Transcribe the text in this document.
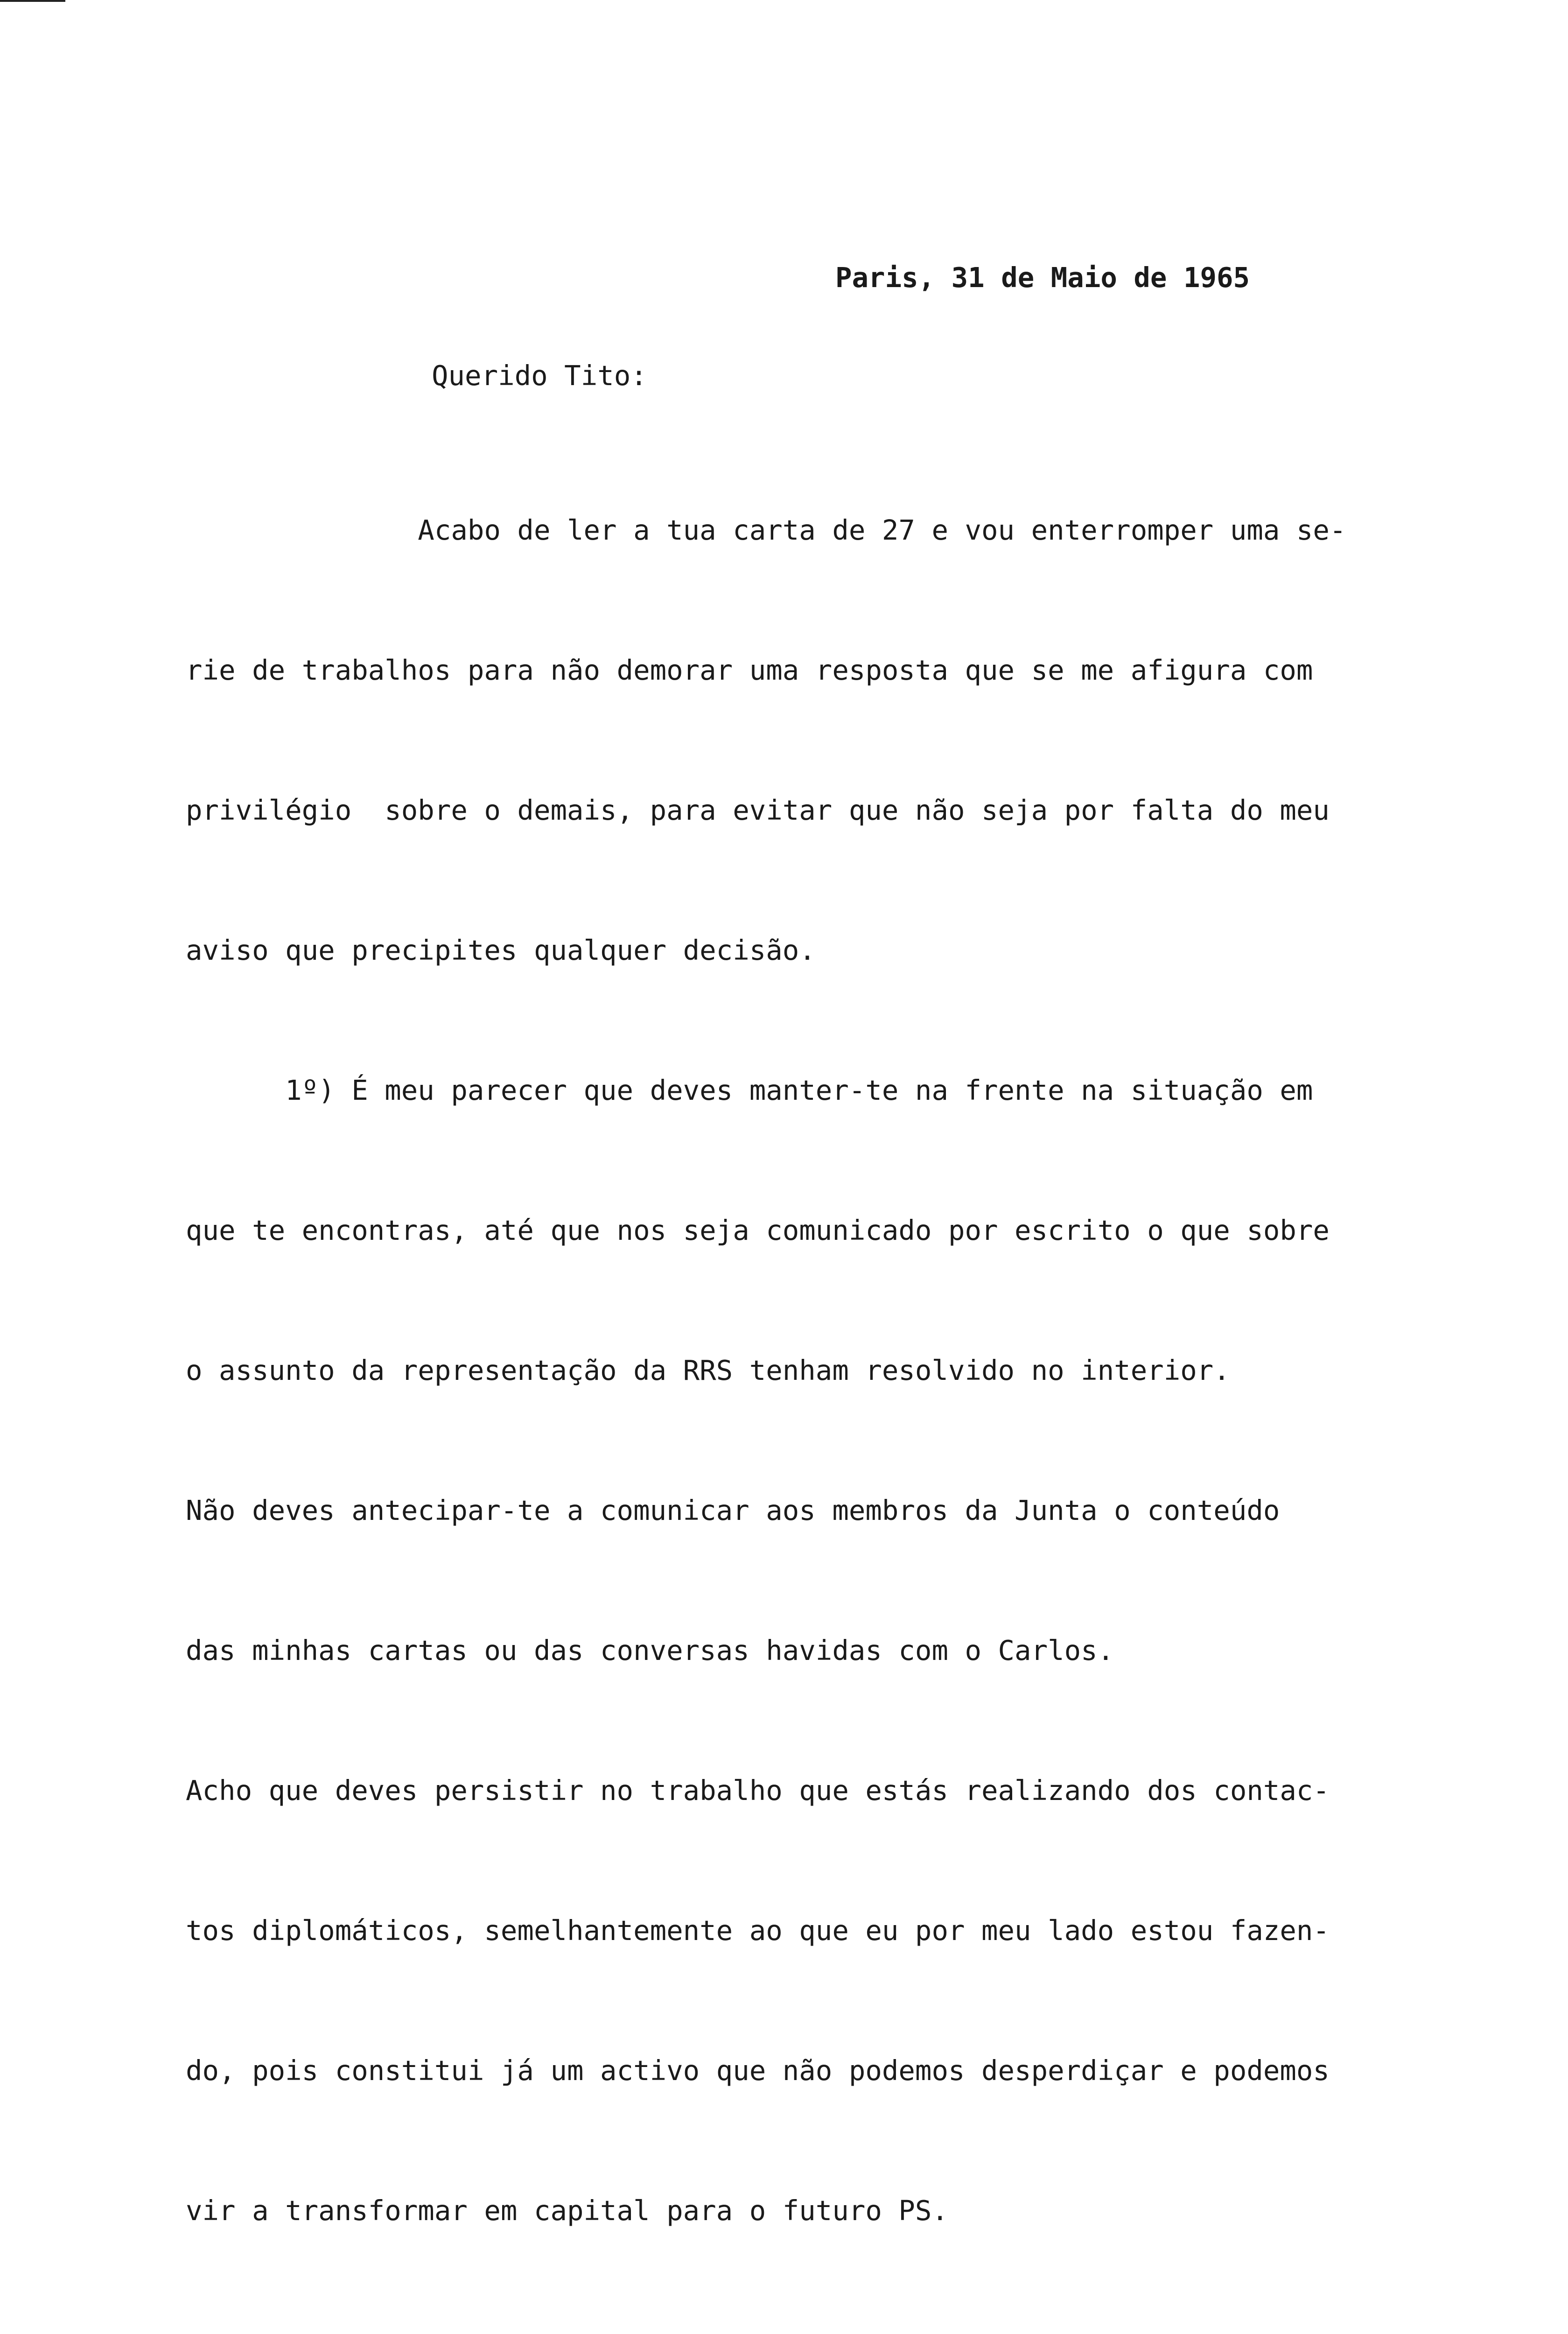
Paris, 31 de Maio de 1965
Querido Tito:

Acabo de ler a tua carta de 27 e vou enterromper uma se-

rie de trabalhos para não demorar uma resposta que se me afigura com

privilégio  sobre o demais, para evitar que não seja por falta do meu

aviso que precipites qualquer decisão.

1º) É meu parecer que deves manter-te na frente na situação em

que te encontras, até que nos seja comunicado por escrito o que sobre

o assunto da representação da RRS tenham resolvido no interior.

Não deves antecipar-te a comunicar aos membros da Junta o conteúdo

das minhas cartas ou das conversas havidas com o Carlos.

Acho que deves persistir no trabalho que estás realizando dos contac-

tos diplomáticos, semelhantemente ao que eu por meu lado estou fazen-

do, pois constitui já um activo que não podemos desperdiçar e podemos

vir a transformar em capital para o futuro PS.
